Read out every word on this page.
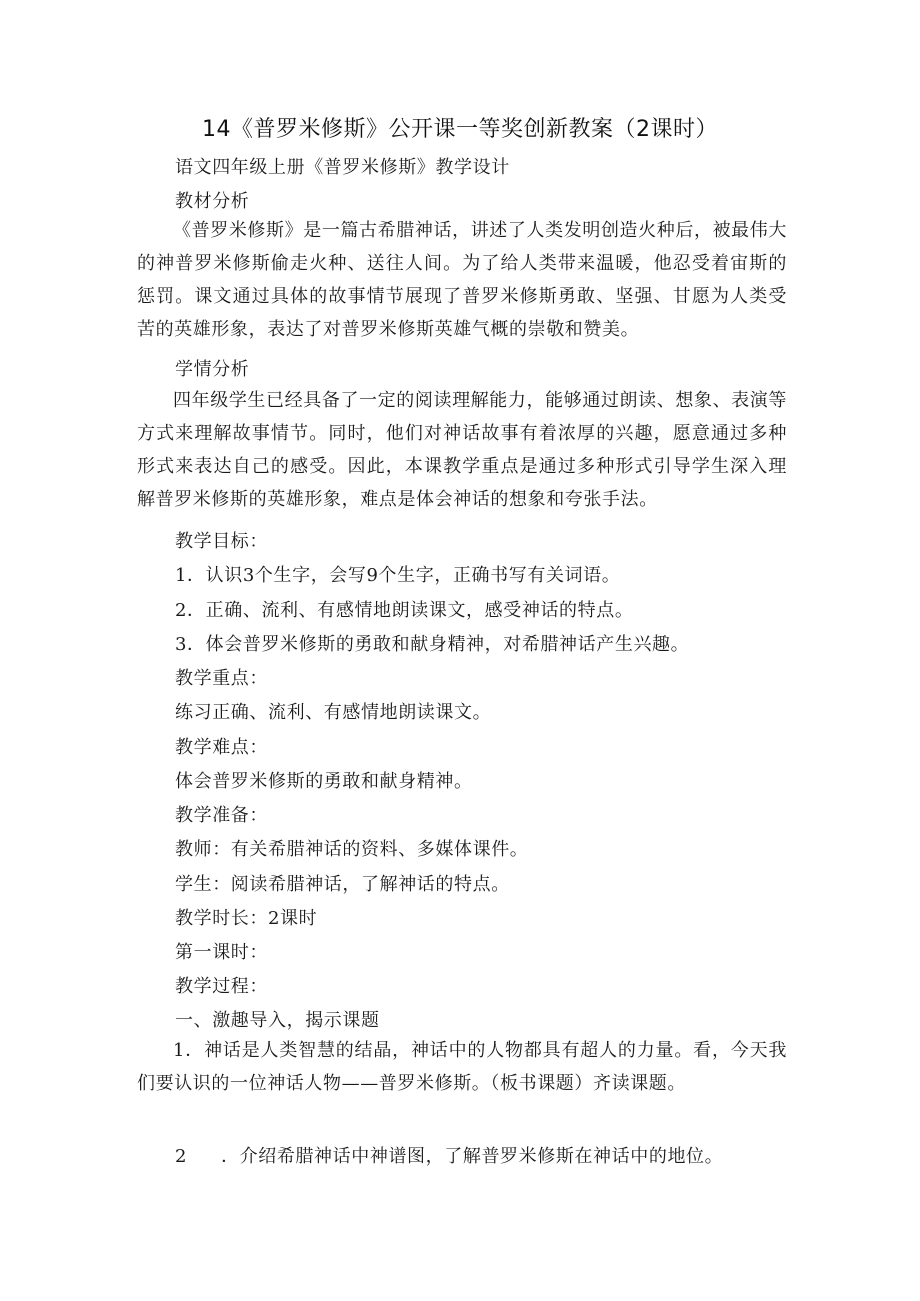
14《普罗米修斯》公开课一等奖创新教案（2课时）
语文四年级上册《普罗米修斯》教学设计
教材分析
《普罗米修斯》是一篇古希腊神话，讲述了人类发明创造火种后，被最伟大的神普罗米修斯偷走火种、送往人间。为了给人类带来温暖，他忍受着宙斯的惩罚。课文通过具体的故事情节展现了普罗米修斯勇敢、坚强、甘愿为人类受苦的英雄形象，表达了对普罗米修斯英雄气概的崇敬和赞美。
学情分析
四年级学生已经具备了一定的阅读理解能力，能够通过朗读、想象、表演等方式来理解故事情节。同时，他们对神话故事有着浓厚的兴趣，愿意通过多种形式来表达自己的感受。因此，本课教学重点是通过多种形式引导学生深入理解普罗米修斯的英雄形象，难点是体会神话的想象和夸张手法。
教学目标：
1．认识3个生字，会写9个生字，正确书写有关词语。
2．正确、流利、有感情地朗读课文，感受神话的特点。
3．体会普罗米修斯的勇敢和献身精神，对希腊神话产生兴趣。
教学重点：
练习正确、流利、有感情地朗读课文。
教学难点：
体会普罗米修斯的勇敢和献身精神。
教学准备：
教师：有关希腊神话的资料、多媒体课件。
学生：阅读希腊神话，了解神话的特点。
教学时长：2课时
第一课时：
教学过程：
一、激趣导入，揭示课题
1．神话是人类智慧的结晶，神话中的人物都具有超人的力量。看，今天我们要认识的一位神话人物——普罗米修斯。（板书课题）齐读课题。
2 ．介绍希腊神话中神谱图，了解普罗米修斯在神话中的地位。
